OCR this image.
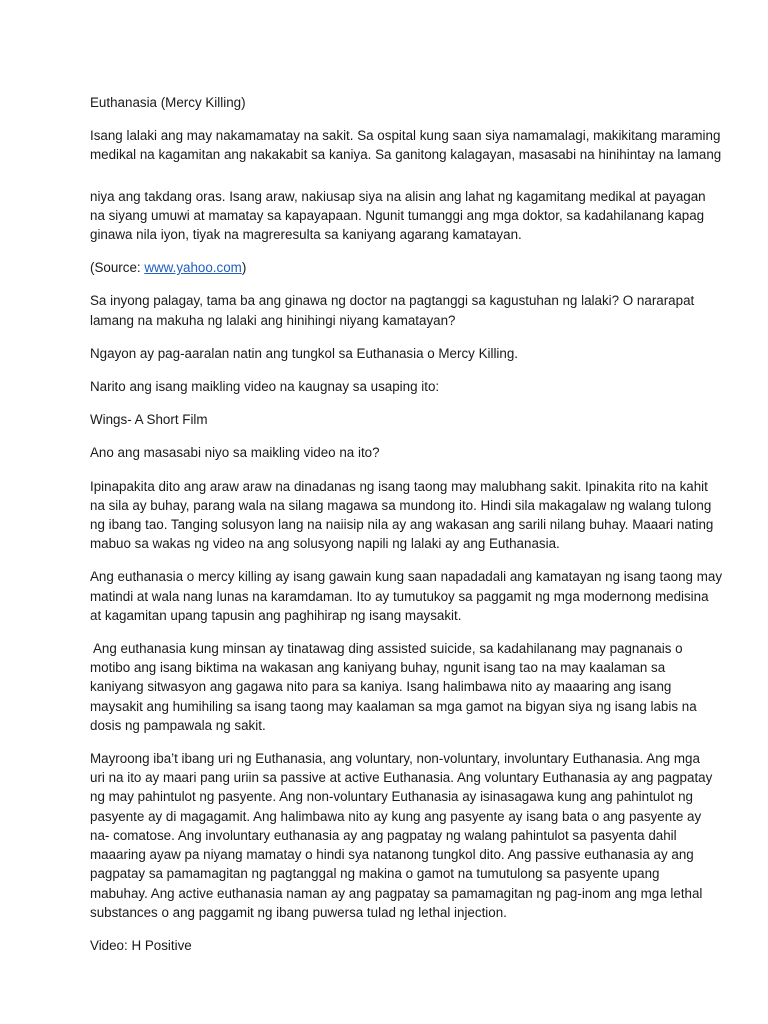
Euthanasia (Mercy Killing)

Isang lalaki ang may nakamamatay na sakit. Sa ospital kung saan siya namamalagi, makikitang maraming
medikal na kagamitan ang nakakabit sa kaniya. Sa ganitong kalagayan, masasabi na hinihintay na lamang

niya ang takdang oras. Isang araw, nakiusap siya na alisin ang lahat ng kagamitang medikal at payagan
na siyang umuwi at mamatay sa kapayapaan. Ngunit tumanggi ang mga doktor, sa kadahilanang kapag
ginawa nila iyon, tiyak na magreresulta sa kaniyang agarang kamatayan.

(Source: www.yahoo.com)

Sa inyong palagay, tama ba ang ginawa ng doctor na pagtanggi sa kagustuhan ng lalaki? O nararapat
lamang na makuha ng lalaki ang hinihingi niyang kamatayan?

Ngayon ay pag-aaralan natin ang tungkol sa Euthanasia o Mercy Killing.

Narito ang isang maikling video na kaugnay sa usaping ito:

Wings- A Short Film

Ano ang masasabi niyo sa maikling video na ito?

Ipinapakita dito ang araw araw na dinadanas ng isang taong may malubhang sakit. Ipinakita rito na kahit
na sila ay buhay, parang wala na silang magawa sa mundong ito. Hindi sila makagalaw ng walang tulong
ng ibang tao. Tanging solusyon lang na naiisip nila ay ang wakasan ang sarili nilang buhay. Maaari nating
mabuo sa wakas ng video na ang solusyong napili ng lalaki ay ang Euthanasia.

Ang euthanasia o mercy killing ay isang gawain kung saan napadadali ang kamatayan ng isang taong may
matindi at wala nang lunas na karamdaman. Ito ay tumutukoy sa paggamit ng mga modernong medisina
at kagamitan upang tapusin ang paghihirap ng isang maysakit.

Ang euthanasia kung minsan ay tinatawag ding assisted suicide, sa kadahilanang may pagnanais o
motibo ang isang biktima na wakasan ang kaniyang buhay, ngunit isang tao na may kaalaman sa
kaniyang sitwasyon ang gagawa nito para sa kaniya. Isang halimbawa nito ay maaaring ang isang
maysakit ang humihiling sa isang taong may kaalaman sa mga gamot na bigyan siya ng isang labis na
dosis ng pampawala ng sakit.

Mayroong iba’t ibang uri ng Euthanasia, ang voluntary, non-voluntary, involuntary Euthanasia. Ang mga
uri na ito ay maari pang uriin sa passive at active Euthanasia. Ang voluntary Euthanasia ay ang pagpatay
ng may pahintulot ng pasyente. Ang non-voluntary Euthanasia ay isinasagawa kung ang pahintulot ng
pasyente ay di magagamit. Ang halimbawa nito ay kung ang pasyente ay isang bata o ang pasyente ay
na- comatose. Ang involuntary euthanasia ay ang pagpatay ng walang pahintulot sa pasyenta dahil
maaaring ayaw pa niyang mamatay o hindi sya natanong tungkol dito. Ang passive euthanasia ay ang
pagpatay sa pamamagitan ng pagtanggal ng makina o gamot na tumutulong sa pasyente upang
mabuhay. Ang active euthanasia naman ay ang pagpatay sa pamamagitan ng pag-inom ang mga lethal
substances o ang paggamit ng ibang puwersa tulad ng lethal injection.

Video: H Positive
